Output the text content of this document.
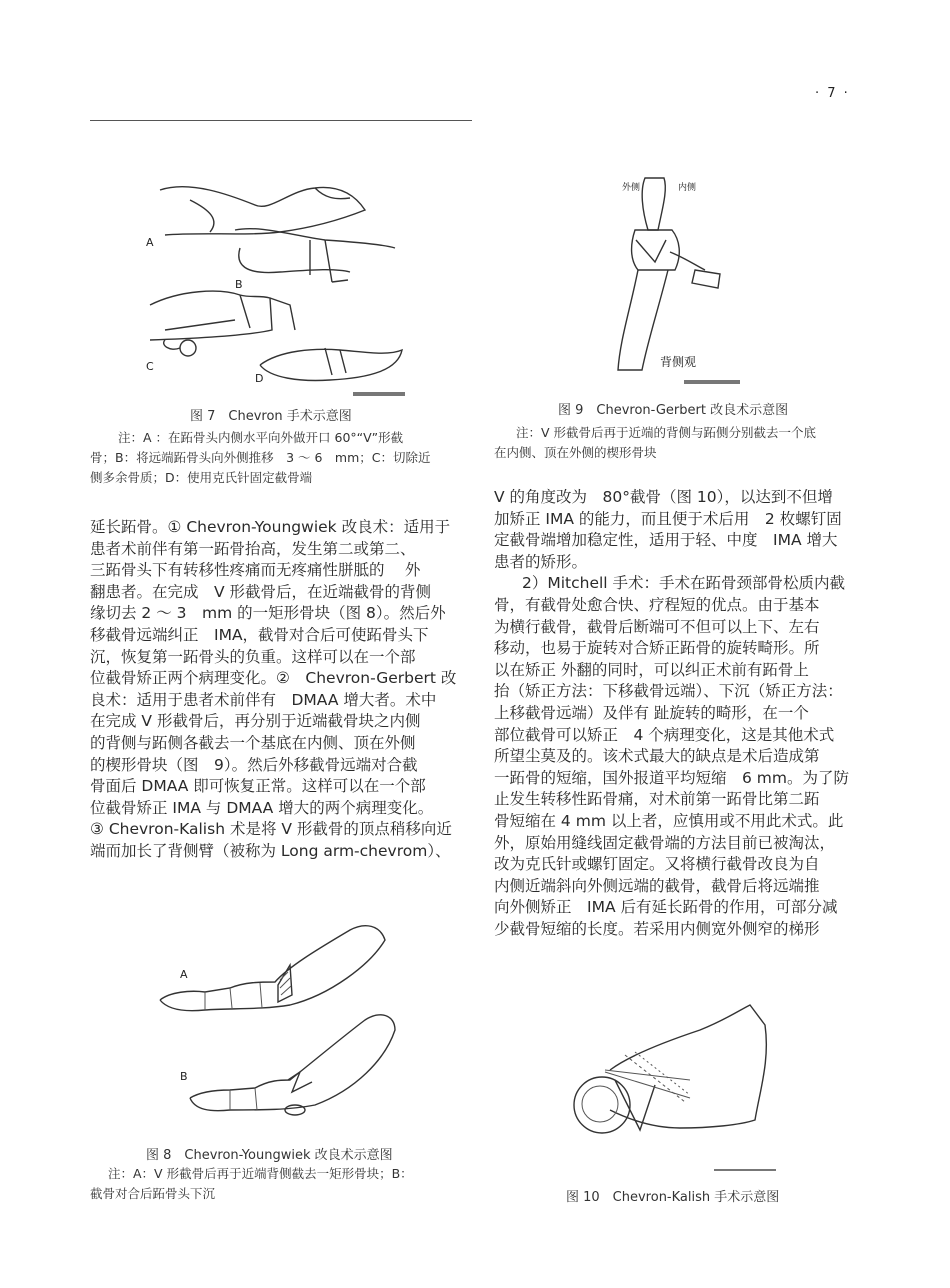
· 7 ·
A
B
C
D
图 7　Chevron 手术示意图
注：A ：在跖骨头内侧水平向外做开口 60°“V”形截
骨；B：将远端跖骨头向外侧推移　3 ～ 6　mm；C：切除近
侧多余骨质；D：使用克氏针固定截骨端
外侧	内侧
背侧观
图 9　Chevron-Gerbert 改良术示意图
注：V 形截骨后再于近端的背侧与跖侧分别截去一个底
在内侧、顶在外侧的楔形骨块
延长跖骨。① Chevron-Youngwiek 改良术：适用于
患者术前伴有第一跖骨抬高，发生第二或第二、
三跖骨头下有转移性疼痛而无疼痛性胼胝的　 外
翻患者。在完成　V 形截骨后，在近端截骨的背侧
缘切去 2 ～ 3　mm 的一矩形骨块（图 8）。然后外
移截骨远端纠正　IMA，截骨对合后可使跖骨头下
沉，恢复第一跖骨头的负重。这样可以在一个部
位截骨矫正两个病理变化。②　Chevron-Gerbert 改
良术：适用于患者术前伴有　DMAA 增大者。术中
在完成 V 形截骨后，再分别于近端截骨块之内侧
的背侧与跖侧各截去一个基底在内侧、顶在外侧
的楔形骨块（图　9）。然后外移截骨远端对合截
骨面后 DMAA 即可恢复正常。这样可以在一个部
位截骨矫正 IMA 与 DMAA 增大的两个病理变化。
③ Chevron-Kalish 术是将 V 形截骨的顶点稍移向近
端而加长了背侧臂（被称为 Long arm-chevrom）、
V 的角度改为　80°截骨（图 10），以达到不但增
加矫正 IMA 的能力，而且便于术后用　2 枚螺钉固
定截骨端增加稳定性，适用于轻、中度　IMA 增大
患者的矫形。
2）Mitchell 手术：手术在跖骨颈部骨松质内截
骨，有截骨处愈合快、疗程短的优点。由于基本
为横行截骨，截骨后断端可不但可以上下、左右
移动，也易于旋转对合矫正跖骨的旋转畸形。所
以在矫正 外翻的同时，可以纠正术前有跖骨上
抬（矫正方法：下移截骨远端）、下沉（矫正方法：
上移截骨远端）及伴有 趾旋转的畸形，在一个
部位截骨可以矫正　4 个病理变化，这是其他术式
所望尘莫及的。该术式最大的缺点是术后造成第
一跖骨的短缩，国外报道平均短缩　6 mm。为了防
止发生转移性跖骨痛，对术前第一跖骨比第二跖
骨短缩在 4 mm 以上者，应慎用或不用此术式。此
外，原始用缝线固定截骨端的方法目前已被淘汰，
改为克氏针或螺钉固定。又将横行截骨改良为自
内侧近端斜向外侧远端的截骨，截骨后将远端推
向外侧矫正　IMA 后有延长跖骨的作用，可部分减
少截骨短缩的长度。若采用内侧宽外侧窄的梯形
A
B
图 8　Chevron-Youngwiek 改良术示意图
注：A：V 形截骨后再于近端背侧截去一矩形骨块；B：
截骨对合后跖骨头下沉	图 10　Chevron-Kalish 手术示意图
